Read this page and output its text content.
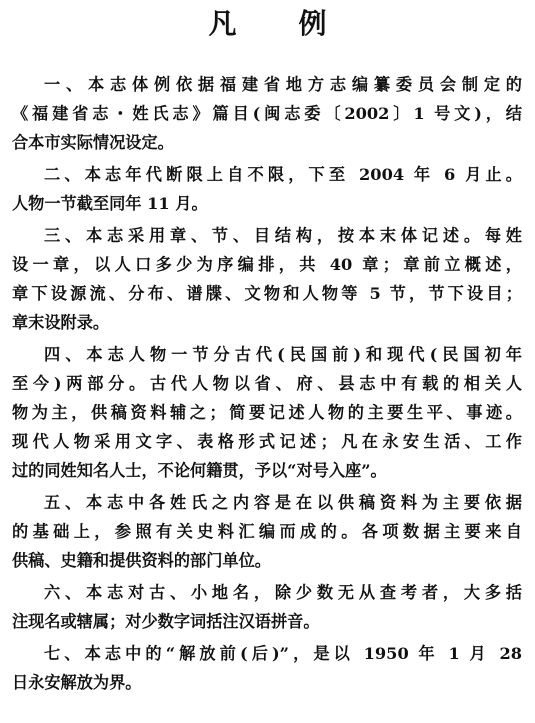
凡 例

一、本志体例依据福建省地方志编纂委员会制定的
《福建省志・姓氏志》篇目(闽志委〔2002〕1 号文)，结
合本市实际情况设定。

二、本志年代断限上自不限，下至 2004 年 6 月止。
人物一节截至同年 11 月。

三、本志采用章、节、目结构，按本末体记述。每姓
设一章，以人口多少为序编排，共 40 章；章前立概述，
章下设源流、分布、谱牒、文物和人物等 5 节，节下设目；
章末设附录。

四、本志人物一节分古代(民国前)和现代(民国初年
至今)两部分。古代人物以省、府、县志中有载的相关人
物为主，供稿资料辅之；简要记述人物的主要生平、事迹。
现代人物采用文字、表格形式记述；凡在永安生活、工作
过的同姓知名人士，不论何籍贯，予以“对号入座”。

五、本志中各姓氏之内容是在以供稿资料为主要依据
的基础上，参照有关史料汇编而成的。各项数据主要来自
供稿、史籍和提供资料的部门单位。

六、本志对古、小地名，除少数无从查考者，大多括
注现名或辖属；对少数字词括注汉语拼音。

七、本志中的“解放前(后)”，是以 1950 年 1 月 28
日永安解放为界。
